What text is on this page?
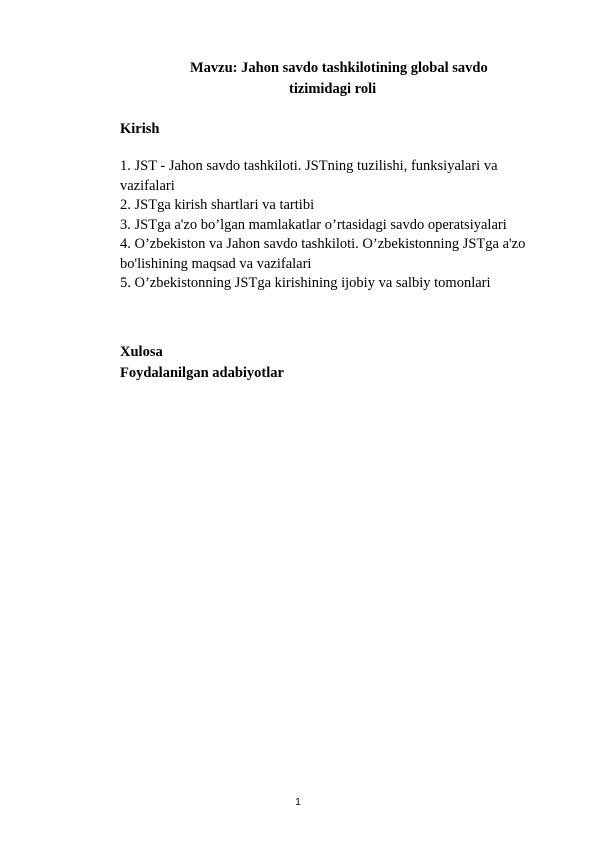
Mavzu: Jahon savdo tashkilotining global savdo
tizimidagi roli
Kirish
1. JST - Jahon savdo tashkiloti. JSTning tuzilishi, funksiyalari va vazifalari
2. JSTga kirish shartlari va tartibi
3. JSTga a'zo bo’lgan mamlakatlar o’rtasidagi savdo operatsiyalari
4. O’zbekiston va Jahon savdo tashkiloti. O’zbekistonning JSTga a'zo bo'lishining maqsad va vazifalari
5. O’zbekistonning JSTga kirishining ijobiy va salbiy tomonlari
Xulosa
Foydalanilgan adabiyotlar
1
